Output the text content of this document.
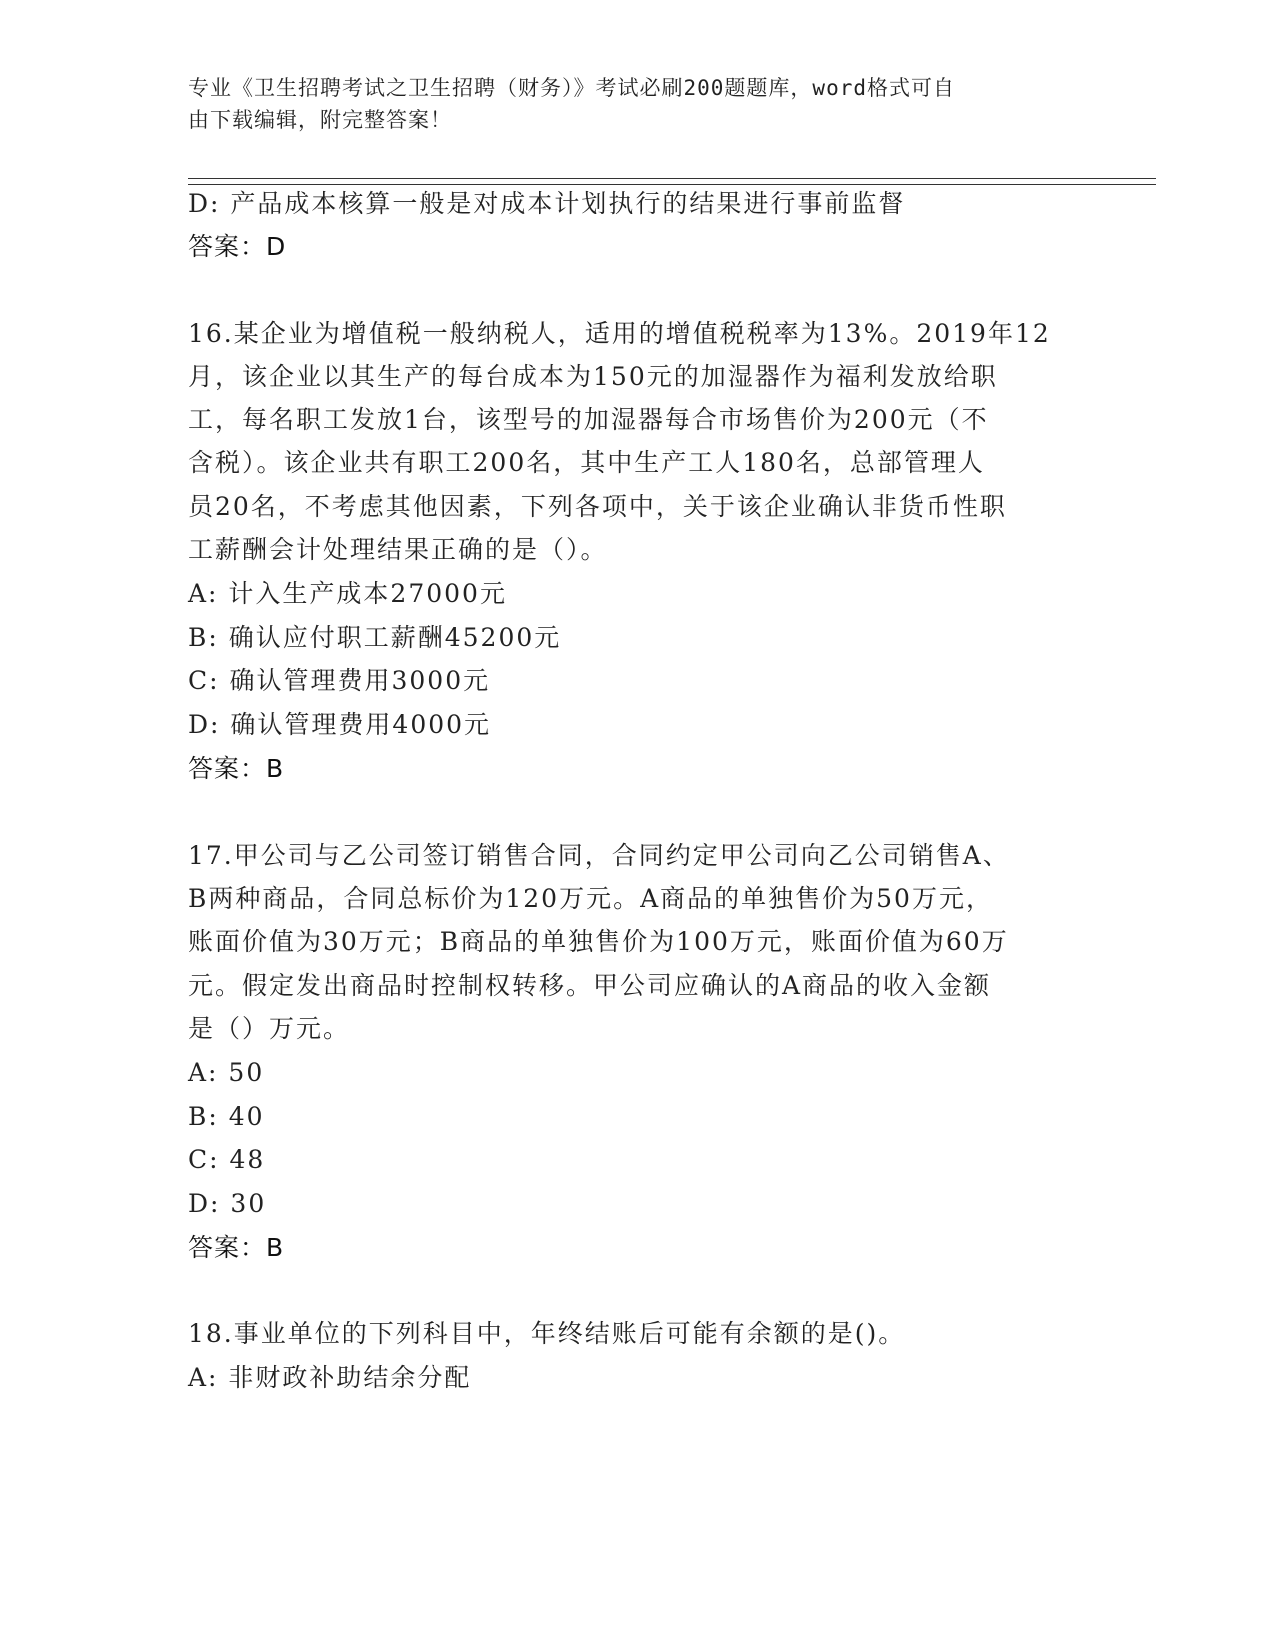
专业《卫生招聘考试之卫生招聘（财务）》考试必刷200题题库，word格式可自
由下载编辑，附完整答案！
D: 产品成本核算一般是对成本计划执行的结果进行事前监督
答案：D
16.某企业为增值税一般纳税人，适用的增值税税率为13%。2019年12
月，该企业以其生产的每台成本为150元的加湿器作为福利发放给职
工，每名职工发放1台，该型号的加湿器每合市场售价为200元（不
含税）。该企业共有职工200名，其中生产工人180名，总部管理人
员20名，不考虑其他因素，下列各项中，关于该企业确认非货币性职
工薪酬会计处理结果正确的是（）。
A: 计入生产成本27000元
B: 确认应付职工薪酬45200元
C: 确认管理费用3000元
D: 确认管理费用4000元
答案：B
17.甲公司与乙公司签订销售合同，合同约定甲公司向乙公司销售A、
B两种商品，合同总标价为120万元。A商品的单独售价为50万元，
账面价值为30万元；B商品的单独售价为100万元，账面价值为60万
元。假定发出商品时控制权转移。甲公司应确认的A商品的收入金额
是（）万元。
A: 50
B: 40
C: 48
D: 30
答案：B
18.事业单位的下列科目中，年终结账后可能有余额的是()。
A: 非财政补助结余分配
